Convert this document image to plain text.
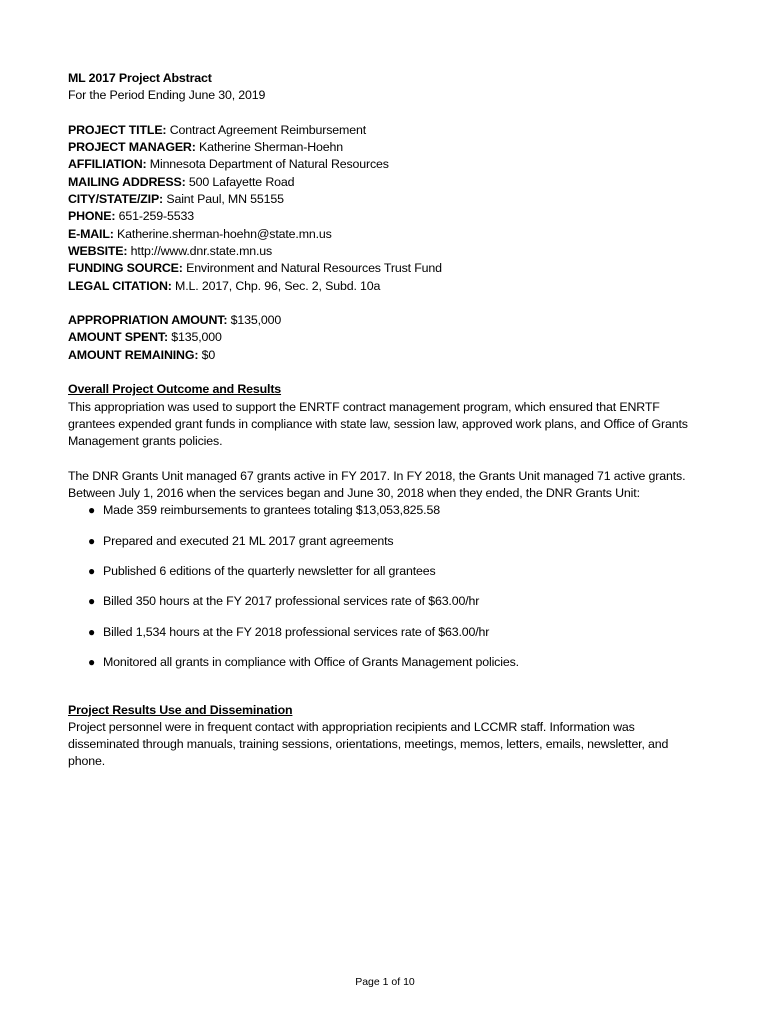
ML 2017 Project Abstract
For the Period Ending June 30, 2019
PROJECT TITLE: Contract Agreement Reimbursement
PROJECT MANAGER: Katherine Sherman-Hoehn
AFFILIATION: Minnesota Department of Natural Resources
MAILING ADDRESS: 500 Lafayette Road
CITY/STATE/ZIP: Saint Paul, MN 55155
PHONE: 651-259-5533
E-MAIL: Katherine.sherman-hoehn@state.mn.us
WEBSITE: http://www.dnr.state.mn.us
FUNDING SOURCE: Environment and Natural Resources Trust Fund
LEGAL CITATION: M.L. 2017, Chp. 96, Sec. 2, Subd. 10a
APPROPRIATION AMOUNT: $135,000
AMOUNT SPENT: $135,000
AMOUNT REMAINING: $0
Overall Project Outcome and Results
This appropriation was used to support the ENRTF contract management program, which ensured that ENRTF grantees expended grant funds in compliance with state law, session law, approved work plans, and Office of Grants Management grants policies.
The DNR Grants Unit managed 67 grants active in FY 2017. In FY 2018, the Grants Unit managed 71 active grants. Between July 1, 2016 when the services began and June 30, 2018 when they ended, the DNR Grants Unit:
● Made 359 reimbursements to grantees totaling $13,053,825.58
● Prepared and executed 21 ML 2017 grant agreements
● Published 6 editions of the quarterly newsletter for all grantees
● Billed 350 hours at the FY 2017 professional services rate of $63.00/hr
● Billed 1,534 hours at the FY 2018 professional services rate of $63.00/hr
● Monitored all grants in compliance with Office of Grants Management policies.
Project Results Use and Dissemination
Project personnel were in frequent contact with appropriation recipients and LCCMR staff. Information was disseminated through manuals, training sessions, orientations, meetings, memos, letters, emails, newsletter, and phone.
Page 1 of 10
